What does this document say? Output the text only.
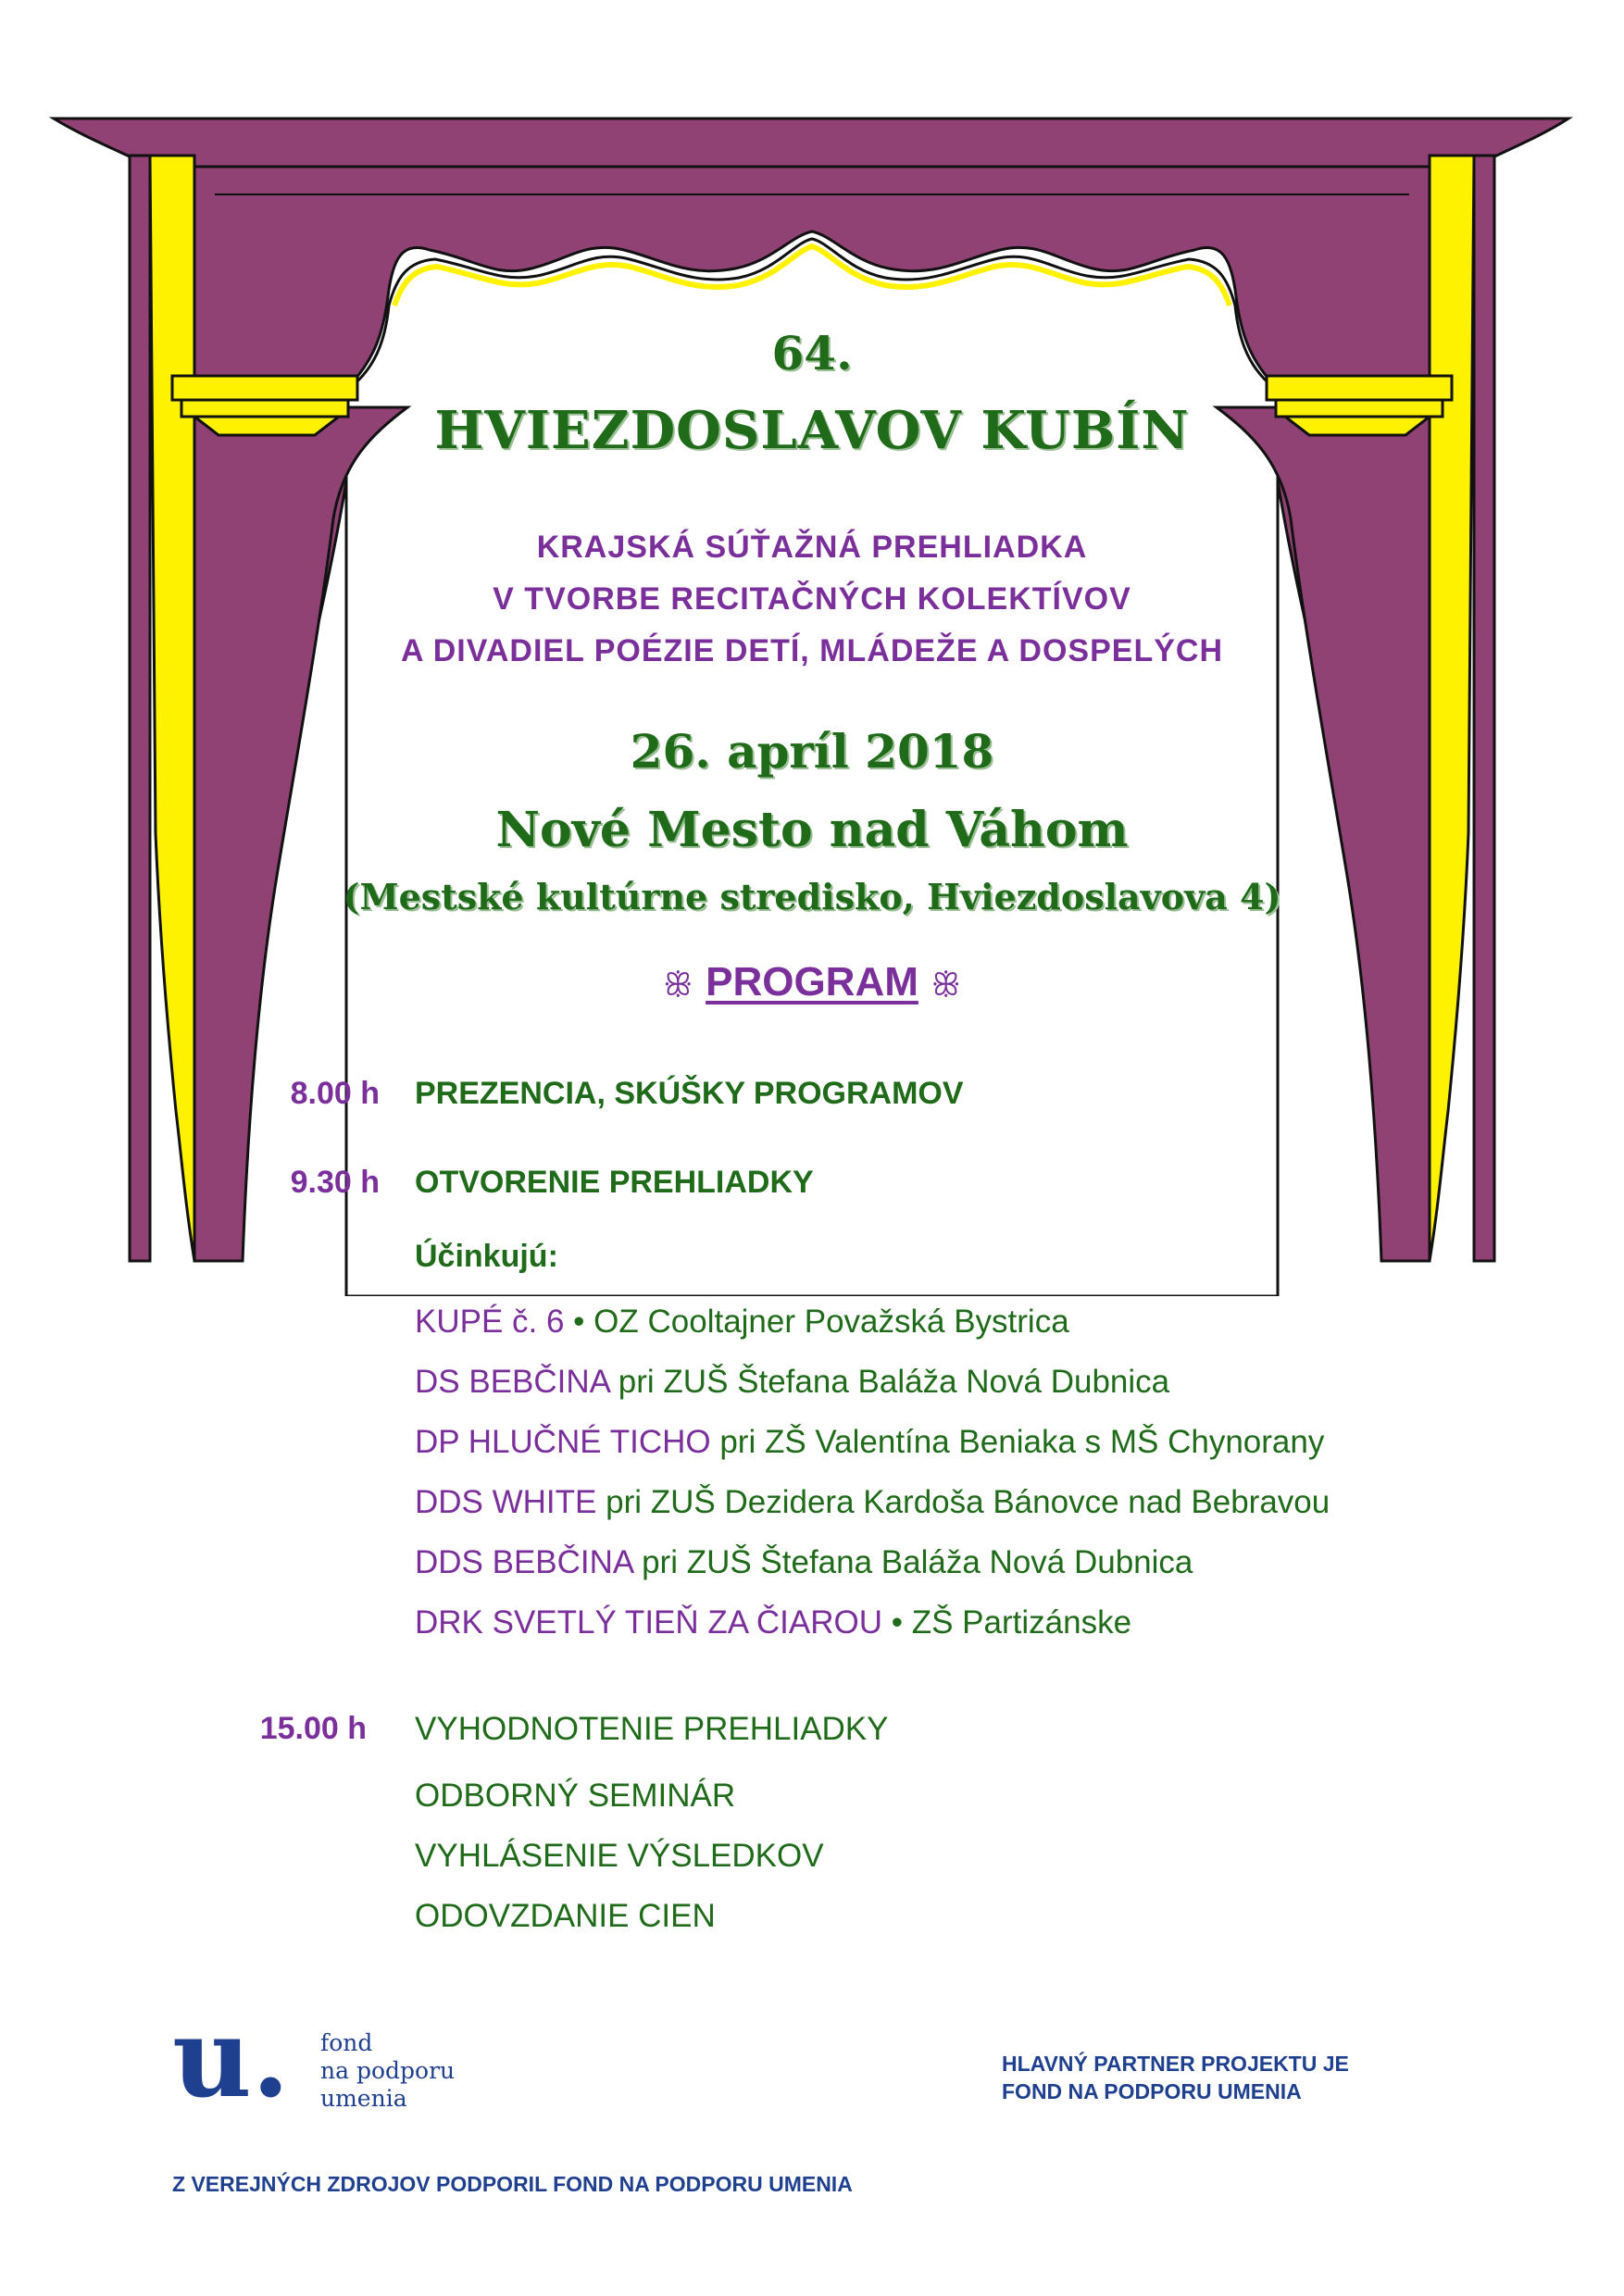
64.
HVIEZDOSLAVOV KUBÍN
KRAJSKÁ SÚŤAŽNÁ PREHLIADKA
V TVORBE RECITAČNÝCH KOLEKTÍVOV
A DIVADIEL POÉZIE DETÍ, MLÁDEŽE A DOSPELÝCH
26. apríl 2018
Nové Mesto nad Váhom
(Mestské kultúrne stredisko, Hviezdoslavova 4)
ꕥ PROGRAM ꕥ
8.00 h PREZENCIA, SKÚŠKY PROGRAMOV
9.30 h OTVORENIE PREHLIADKY
Účinkujú:
KUPÉ č. 6 • OZ Cooltajner Považská Bystrica
DS BEBČINA pri ZUŠ Štefana Baláža Nová Dubnica
DP HLUČNÉ TICHO pri ZŠ Valentína Beniaka s MŠ Chynorany
DDS WHITE pri ZUŠ Dezidera Kardoša Bánovce nad Bebravou
DDS BEBČINA pri ZUŠ Štefana Baláža Nová Dubnica
DRK SVETLÝ TIEŇ ZA ČIAROU • ZŠ Partizánske
15.00 h VYHODNOTENIE PREHLIADKY
ODBORNÝ SEMINÁR
VYHLÁSENIE VÝSLEDKOV
ODOVZDANIE CIEN
u. fond
na podporu
umenia
HLAVNÝ PARTNER PROJEKTU JE
FOND NA PODPORU UMENIA
Z VEREJNÝCH ZDROJOV PODPORIL FOND NA PODPORU UMENIA
